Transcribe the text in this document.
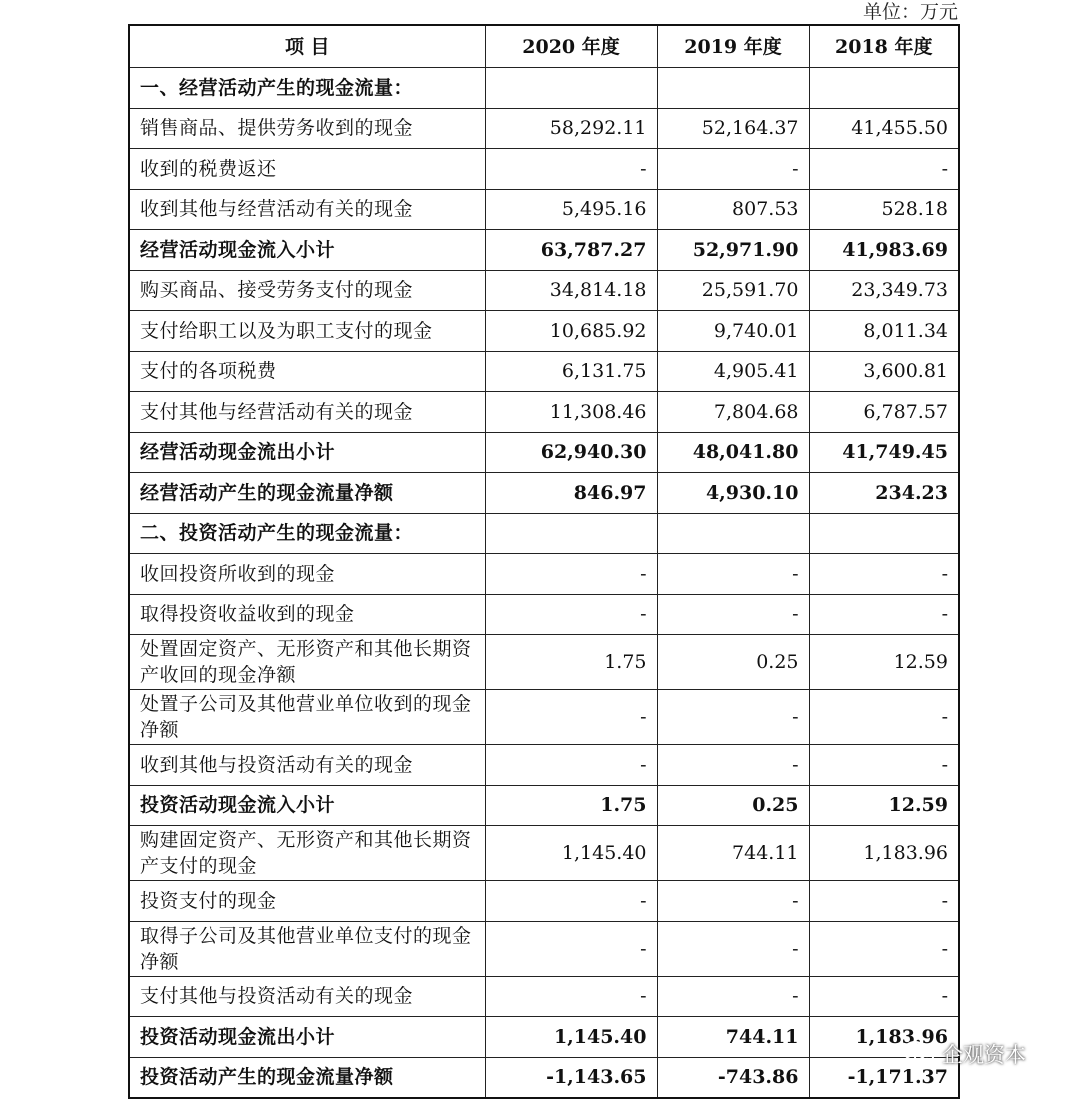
单位：万元
项 目	2020 年度	2019 年度	2018 年度
一、经营活动产生的现金流量：			
销售商品、提供劳务收到的现金	58,292.11	52,164.37	41,455.50
收到的税费返还	-	-	-
收到其他与经营活动有关的现金	5,495.16	807.53	528.18
经营活动现金流入小计	63,787.27	52,971.90	41,983.69
购买商品、接受劳务支付的现金	34,814.18	25,591.70	23,349.73
支付给职工以及为职工支付的现金	10,685.92	9,740.01	8,011.34
支付的各项税费	6,131.75	4,905.41	3,600.81
支付其他与经营活动有关的现金	11,308.46	7,804.68	6,787.57
经营活动现金流出小计	62,940.30	48,041.80	41,749.45
经营活动产生的现金流量净额	846.97	4,930.10	234.23
二、投资活动产生的现金流量：			
收回投资所收到的现金	-	-	-
取得投资收益收到的现金	-	-	-
处置固定资产、无形资产和其他长期资产收回的现金净额	1.75	0.25	12.59
处置子公司及其他营业单位收到的现金净额	-	-	-
收到其他与投资活动有关的现金	-	-	-
投资活动现金流入小计	1.75	0.25	12.59
购建固定资产、无形资产和其他长期资产支付的现金	1,145.40	744.11	1,183.96
投资支付的现金	-	-	-
取得子公司及其他营业单位支付的现金净额	-	-	-
支付其他与投资活动有关的现金	-	-	-
投资活动现金流出小计	1,145.40	744.11	1,183.96
投资活动产生的现金流量净额	-1,143.65	-743.86	-1,171.37
企观资本
